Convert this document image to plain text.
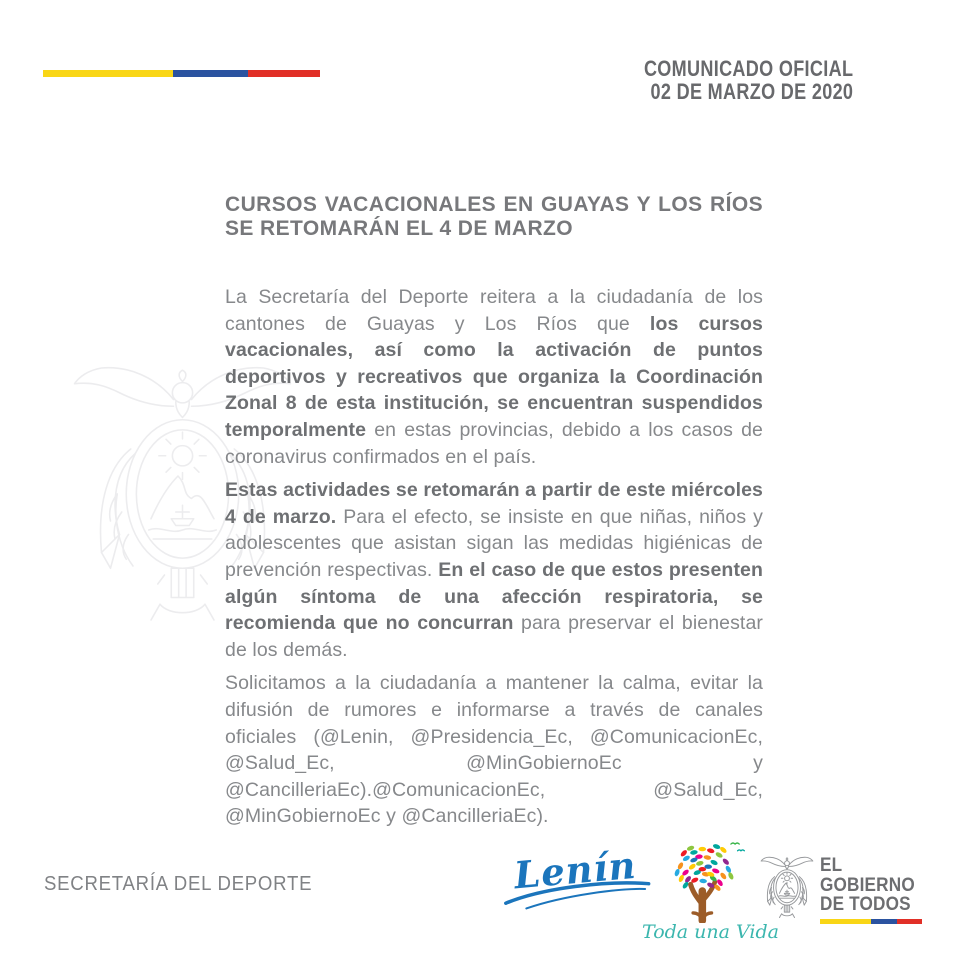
COMUNICADO OFICIAL
02 DE MARZO DE 2020
CURSOS VACACIONALES EN GUAYAS Y LOS RÍOS SE RETOMARÁN EL 4 DE MARZO

La Secretaría del Deporte reitera a la ciudadanía de los cantones de Guayas y Los Ríos que los cursos vacacionales, así como la activación de puntos deportivos y recreativos que organiza la Coordinación Zonal 8 de esta institución, se encuentran suspendidos temporalmente en estas provincias, debido a los casos de coronavirus confirmados en el país.

Estas actividades se retomarán a partir de este miércoles 4 de marzo. Para el efecto, se insiste en que niñas, niños y adolescentes que asistan sigan las medidas higiénicas de prevención respectivas. En el caso de que estos presenten algún síntoma de una afección respiratoria, se recomienda que no concurran para preservar el bienestar de los demás.

Solicitamos a la ciudadanía a mantener la calma, evitar la difusión de rumores e informarse a través de canales oficiales (@Lenin, @Presidencia_Ec, @ComunicacionEc, @Salud_Ec, @MinGobiernoEc y @CancilleriaEc).@ComunicacionEc, @Salud_Ec, @MinGobiernoEc y @CancilleriaEc).

SECRETARÍA DEL DEPORTE	Lenín
Toda una Vida
EL
GOBIERNO
DE TODOS
